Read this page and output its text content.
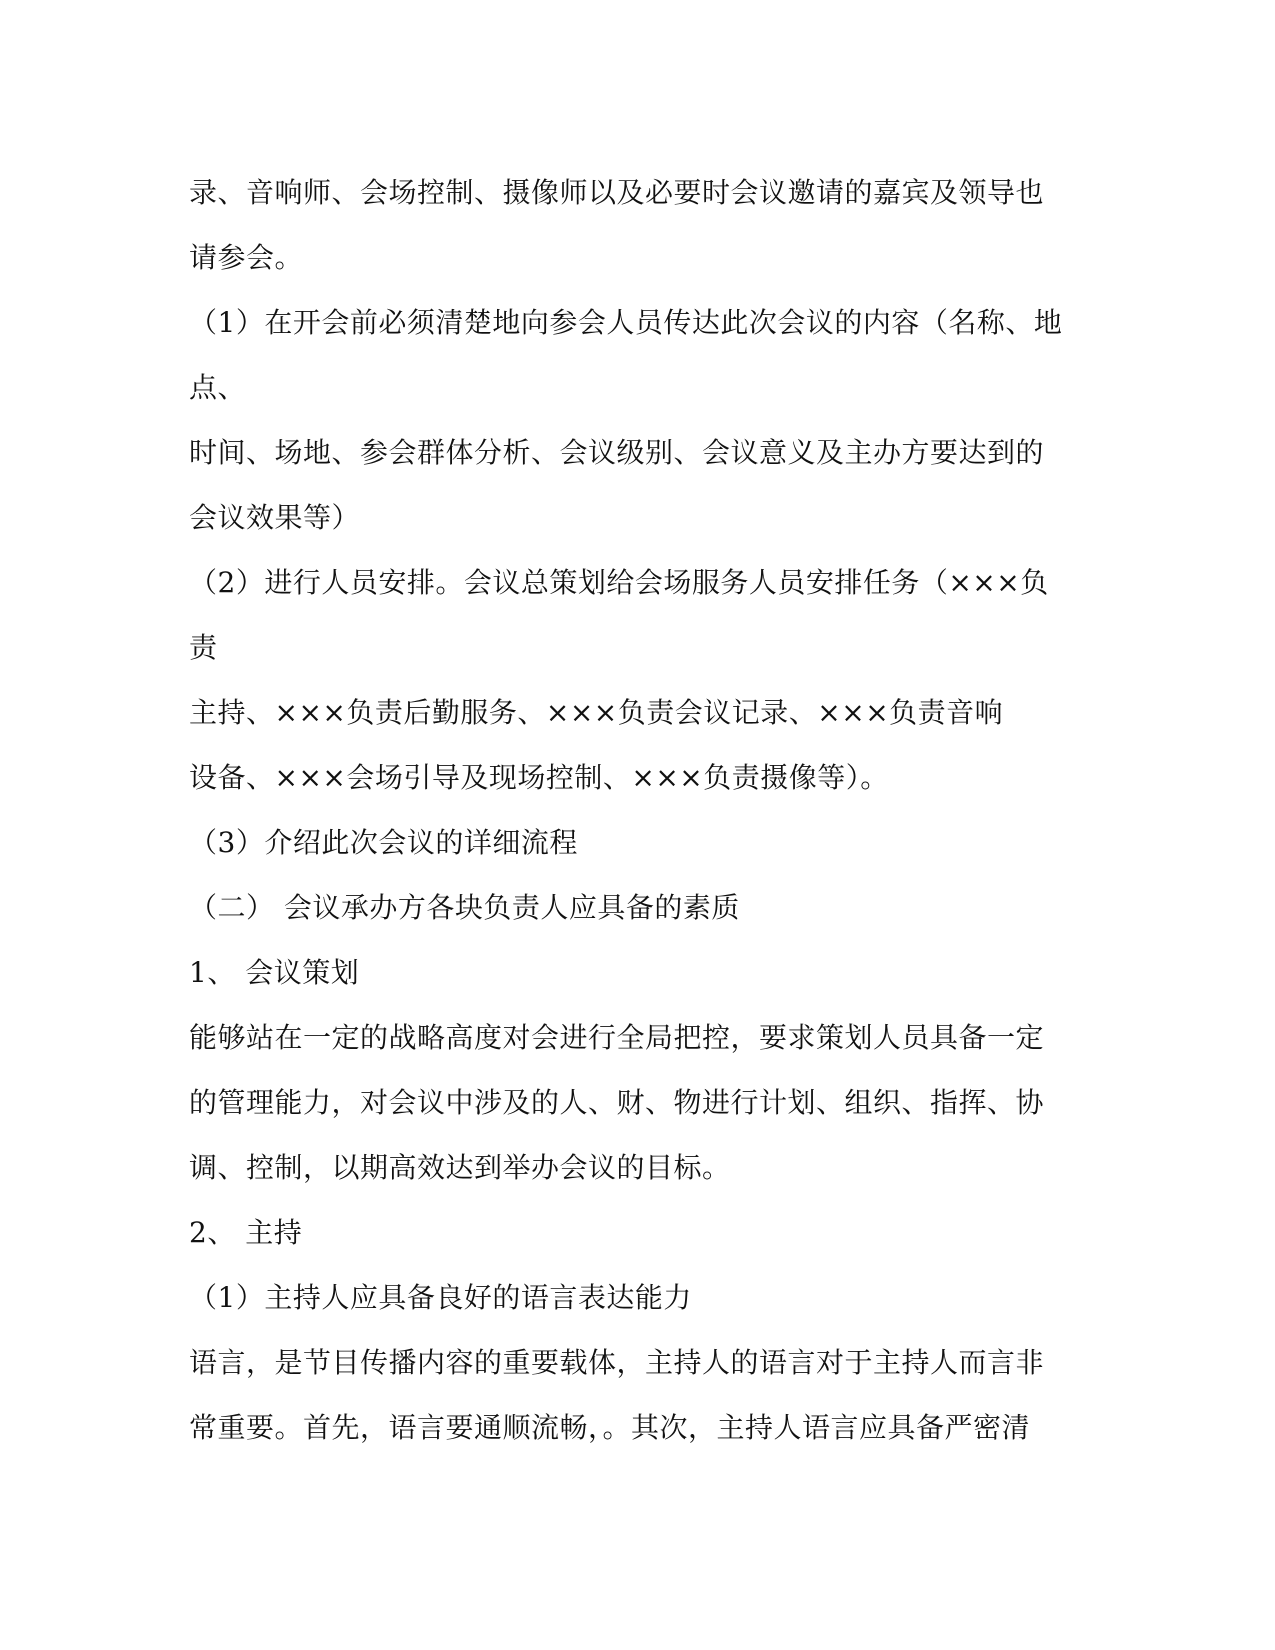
录、音响师、会场控制、摄像师以及必要时会议邀请的嘉宾及领导也
请参会。
（1）在开会前必须清楚地向参会人员传达此次会议的内容（名称、地
点、
时间、场地、参会群体分析、会议级别、会议意义及主办方要达到的
会议效果等）
（2）进行人员安排。会议总策划给会场服务人员安排任务（×××负
责
主持、×××负责后勤服务、×××负责会议记录、×××负责音响
设备、×××会场引导及现场控制、×××负责摄像等）。
（3）介绍此次会议的详细流程
（二） 会议承办方各块负责人应具备的素质
1、 会议策划
能够站在一定的战略高度对会进行全局把控，要求策划人员具备一定
的管理能力，对会议中涉及的人、财、物进行计划、组织、指挥、协
调、控制，以期高效达到举办会议的目标。
2、 主持
（1）主持人应具备良好的语言表达能力
语言，是节目传播内容的重要载体，主持人的语言对于主持人而言非
常重要。首先，语言要通顺流畅，。其次，主持人语言应具备严密清
